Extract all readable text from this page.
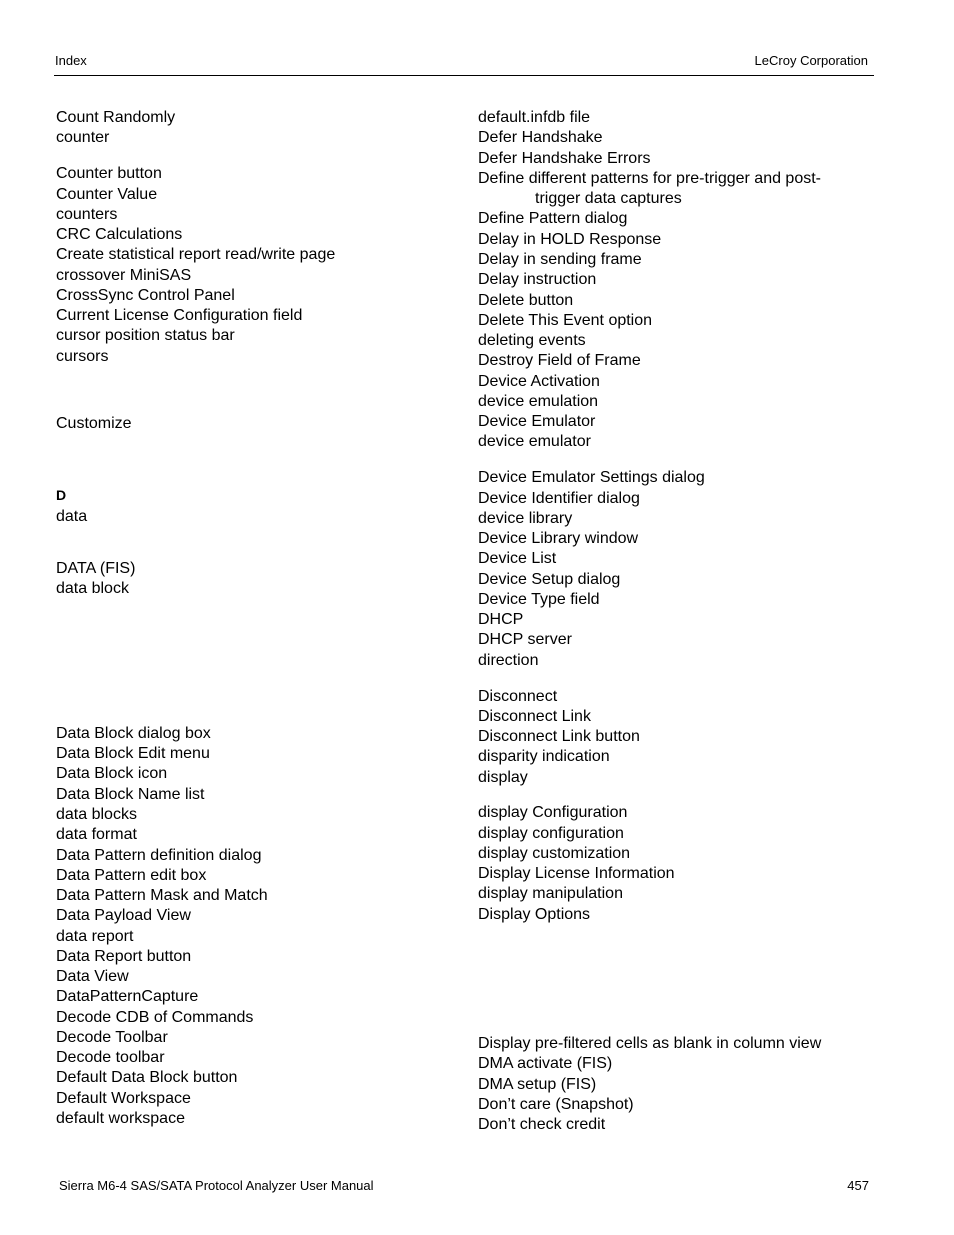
Index	LeCroy Corporation
Count Randomly
counter
Counter button
Counter Value
counters
CRC Calculations
Create statistical report read/write page
crossover MiniSAS
CrossSync Control Panel
Current License Configuration field
cursor position status bar
cursors
Customize
D
data
DATA (FIS)
data block
Data Block dialog box
Data Block Edit menu
Data Block icon
Data Block Name list
data blocks
data format
Data Pattern definition dialog
Data Pattern edit box
Data Pattern Mask and Match
Data Payload View
data report
Data Report button
Data View
DataPatternCapture
Decode CDB of Commands
Decode Toolbar
Decode toolbar
Default Data Block button
Default Workspace
default workspace
default.infdb file
Defer Handshake
Defer Handshake Errors
Define different patterns for pre-trigger and post-
trigger data captures
Define Pattern dialog
Delay in HOLD Response
Delay in sending frame
Delay instruction
Delete button
Delete This Event option
deleting events
Destroy Field of Frame
Device Activation
device emulation
Device Emulator
device emulator
Device Emulator Settings dialog
Device Identifier dialog
device library
Device Library window
Device List
Device Setup dialog
Device Type field
DHCP
DHCP server
direction
Disconnect
Disconnect Link
Disconnect Link button
disparity indication
display
display Configuration
display configuration
display customization
Display License Information
display manipulation
Display Options
Display pre-filtered cells as blank in column view
DMA activate (FIS)
DMA setup (FIS)
Don’t care (Snapshot)
Don’t check credit
Sierra M6-4 SAS/SATA Protocol Analyzer User Manual	457
